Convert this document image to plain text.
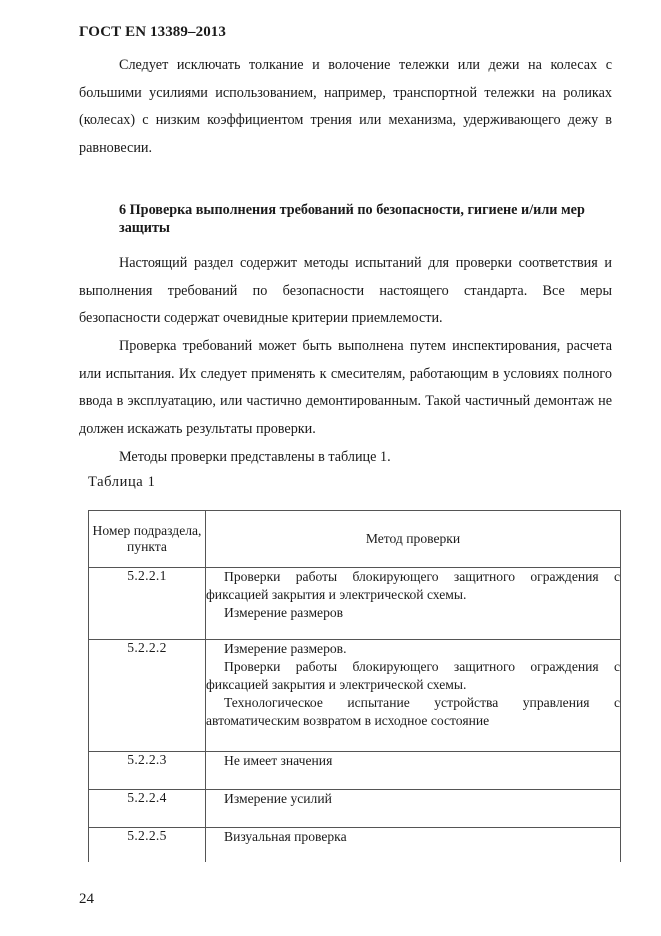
ГОСТ EN 13389–2013

Следует исключать толкание и волочение тележки или дежи на колесах с большими усилиями использованием, например, транспортной тележки на роликах (колесах) с низким коэффициентом трения или механизма, удерживающего дежу в равновесии.

6 Проверка выполнения требований по безопасности, гигиене и/или мер защиты

Настоящий раздел содержит методы испытаний для проверки соответствия и выполнения требований по безопасности настоящего стандарта. Все меры безопасности содержат очевидные критерии приемлемости.

Проверка требований может быть выполнена путем инспектирования, расчета или испытания. Их следует применять к смесителям, работающим в условиях полного ввода в эксплуатацию, или частично демонтированным. Такой частичный демонтаж не должен искажать результаты проверки.

Методы проверки представлены в таблице 1.

Таблица 1
Номер подраздела, пункта	Метод проверки
5.2.2.1	Проверки работы блокирующего защитного ограждения с фиксацией закрытия и электрической схемы.
Измерение размеров

5.2.2.2	Измерение размеров.
Проверки работы блокирующего защитного ограждения с фиксацией закрытия и электрической схемы.
Технологическое испытание устройства управления с автоматическим возвратом в исходное состояние

5.2.2.3	Не имеет значения

5.2.2.4	Измерение усилий

5.2.2.5	Визуальная проверка
24
